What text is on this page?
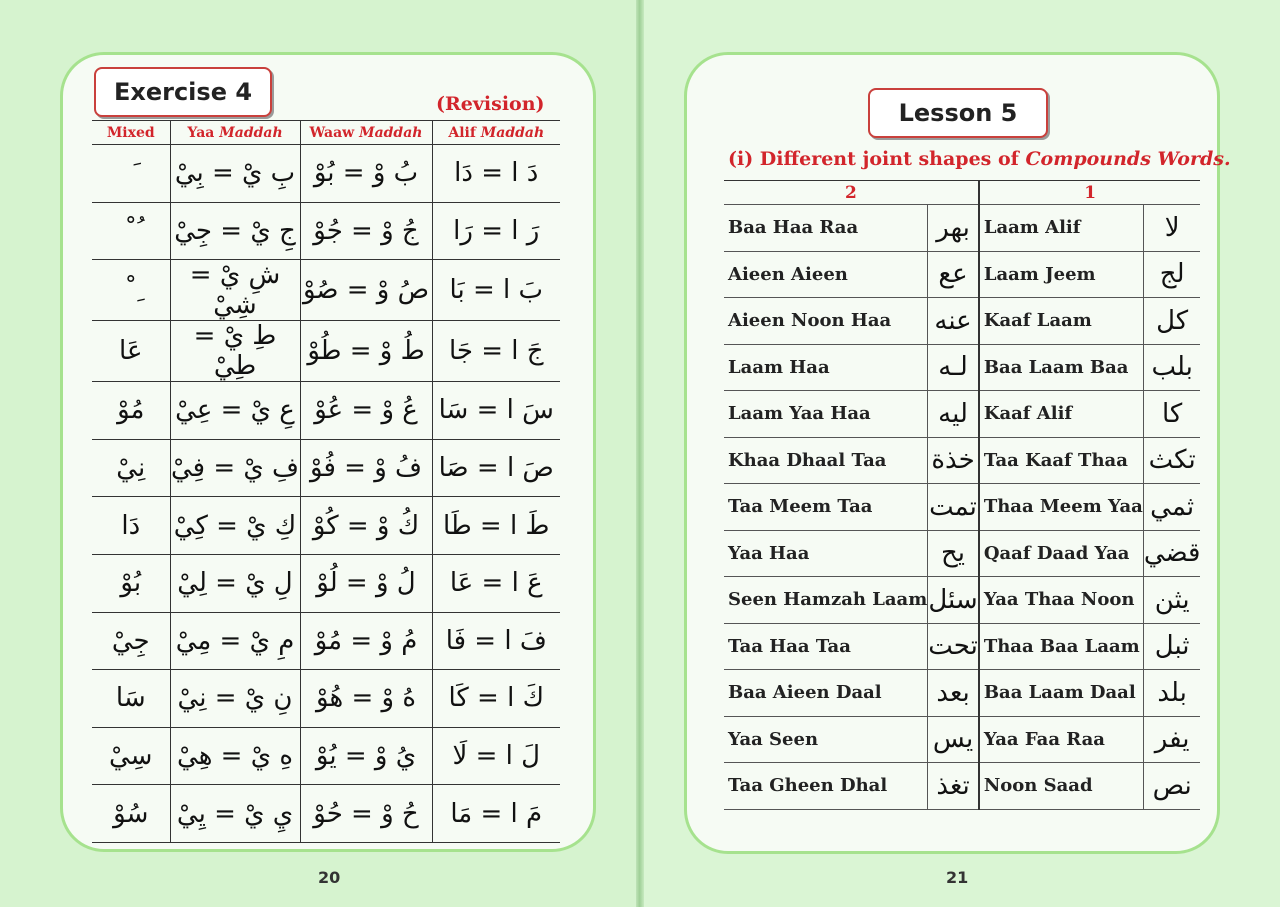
Exercise 4	(Revision)
Mixed	Yaa Maddah	Waaw Maddah	Alif Maddah
	بِ يْ = بِيْ	بُ وْ = بُوْ	دَ ا = دَا
ُ ْ	جِ يْ = جِيْ	جُ وْ = جُوْ	رَ ا = رَا
ِ ْ	شِ يْ = شِيْ	صُ وْ = صُوْ	بَ ا = بَا
عَا	طِ يْ = طِيْ	طُ وْ = طُوْ	جَ ا = جَا
مُوْ	عِ يْ = عِيْ	عُ وْ = عُوْ	سَ ا = سَا
نِيْ	فِ يْ = فِيْ	فُ وْ = فُوْ	صَ ا = صَا
دَا	كِ يْ = كِيْ	كُ وْ = كُوْ	طَ ا = طَا
بُوْ	لِ يْ = لِيْ	لُ وْ = لُوْ	عَ ا = عَا
جِيْ	مِ يْ = مِيْ	مُ وْ = مُوْ	فَ ا = فَا
سَا	نِ يْ = نِيْ	هُ وْ = هُوْ	كَ ا = كَا
سِيْ	هِ يْ = هِيْ	يُ وْ = يُوْ	لَ ا = لَا
سُوْ	يِ يْ = يِيْ	حُ وْ = حُوْ	مَ ا = مَا
Lesson 5
(i) Different joint shapes of Compounds Words.
2		1	
Baa Haa Raa	بهر	Laam Alif	لا
Aieen Aieen	عع	Laam Jeem	لج
Aieen Noon Haa	عنه	Kaaf Laam	كل
Laam Haa	لـه	Baa Laam Baa	بلب
Laam Yaa Haa	ليه	Kaaf Alif	كا
Khaa Dhaal Taa	خذة	Taa Kaaf Thaa	تكث
Taa Meem Taa	تمت	Thaa Meem Yaa	ثمي
Yaa Haa	يح	Qaaf Daad Yaa	قضي
Seen Hamzah Laam	سئل	Yaa Thaa Noon	يثن
Taa Haa Taa	تحت	Thaa Baa Laam	ثبل
Baa Aieen Daal	بعد	Baa Laam Daal	بلد
Yaa Seen	يس	Yaa Faa Raa	يفر
Taa Gheen Dhal	تغذ	Noon Saad	نص
20	21
